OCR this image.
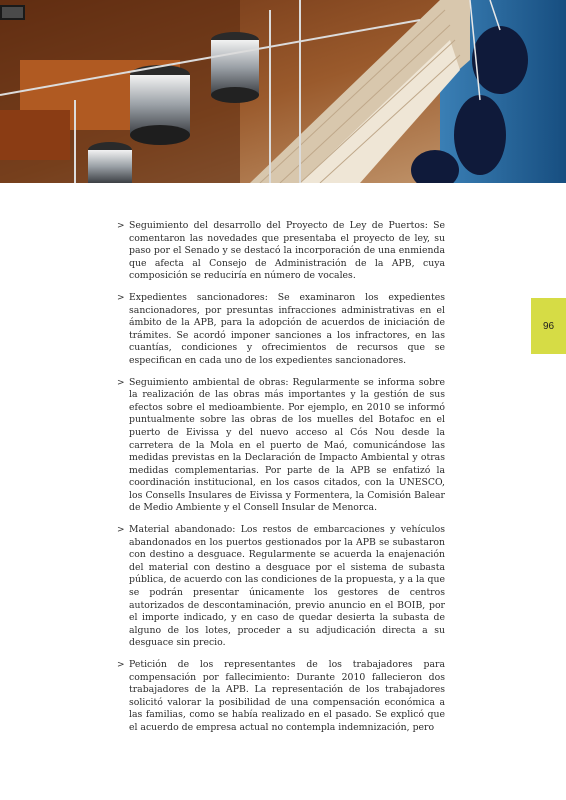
96
> Seguimiento del desarrollo del Proyecto de Ley de Puertos: Se comentaron las novedades que presentaba el proyecto de ley, su paso por el Senado y se destacó la incorporación de una enmienda que afecta al Consejo de Administración de la APB, cuya composición se reduciría en número de vocales.
> Expedientes sancionadores: Se examinaron los expedientes sancionadores, por presuntas infracciones administrativas en el ámbito de la APB, para la adopción de acuerdos de iniciación de trámites. Se acordó imponer sanciones a los infractores, en las cuantías, condiciones y ofrecimientos de recursos que se especifican en cada uno de los expedientes sancionadores.
> Seguimiento ambiental de obras: Regularmente se informa sobre la realización de las obras más importantes y la gestión de sus efectos sobre el medioambiente. Por ejemplo, en 2010 se informó puntualmente sobre las obras de los muelles del Botafoc en el puerto de Eivissa y del nuevo acceso al Cós Nou desde la carretera de la Mola en el puerto de Maó, comunicándose las medidas previstas en la Declaración de Impacto Ambiental y otras medidas complementarias. Por parte de la APB se enfatizó la coordinación institucional, en los casos citados, con la UNESCO, los Consells Insulares de Eivissa y Formentera, la Comisión Balear de Medio Ambiente y el Consell Insular de Menorca.
> Material abandonado: Los restos de embarcaciones y vehículos abandonados en los puertos gestionados por la APB se subastaron con destino a desguace. Regularmente se acuerda la enajenación del material con destino a desguace por el sistema de subasta pública, de acuerdo con las condiciones de la propuesta, y a la que se podrán presentar únicamente los gestores de centros autorizados de descontaminación, previo anuncio en el BOIB, por el importe indicado, y en caso de quedar desierta la subasta de alguno de los lotes, proceder a su adjudicación directa a su desguace sin precio.
> Petición de los representantes de los trabajadores para compensación por fallecimiento: Durante 2010 fallecieron dos trabajadores de la APB. La representación de los trabajadores solicitó valorar la posibilidad de una compensación económica a las familias, como se había realizado en el pasado. Se explicó que el acuerdo de empresa actual no contempla indemnización, pero
